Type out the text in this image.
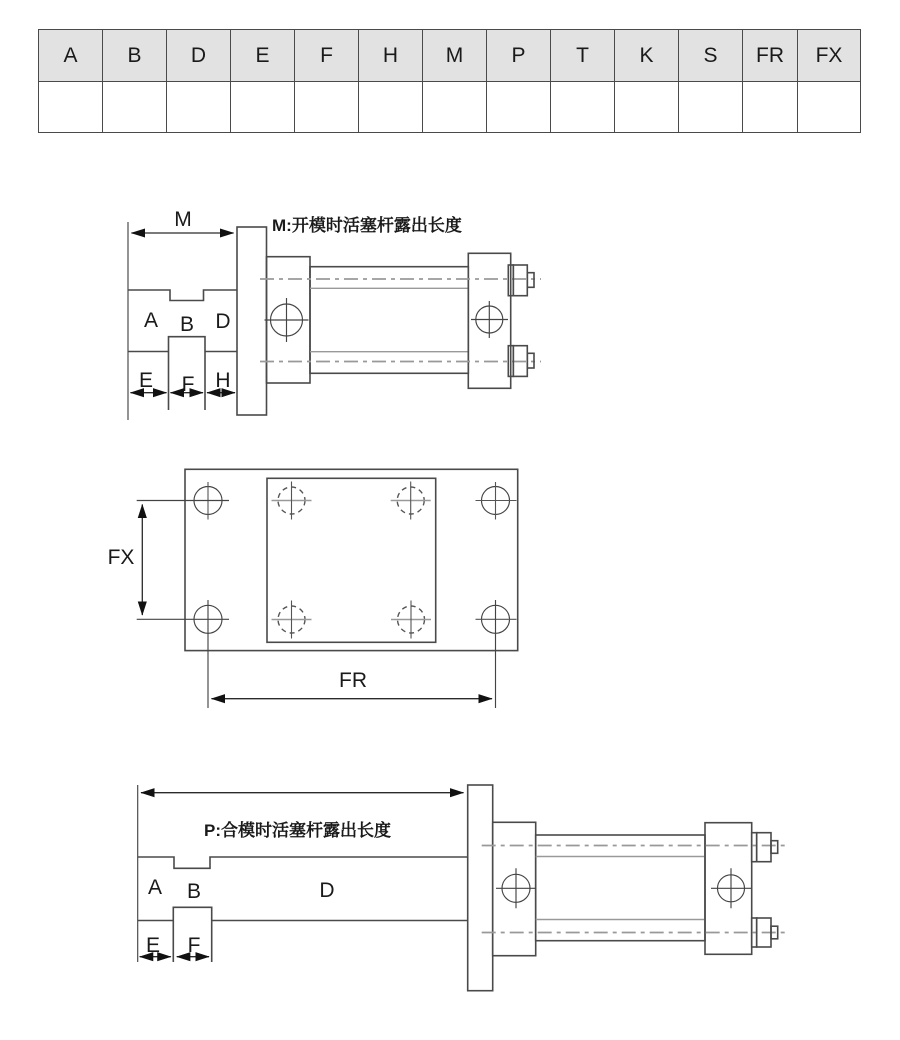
A	B	D	E	F	H	M	P	T	K	S	FR	FX

M	M:开模时活塞杆露出长度
A B D
E F H
FX
FR
P:合模时活塞杆露出长度
A B	D
E F
